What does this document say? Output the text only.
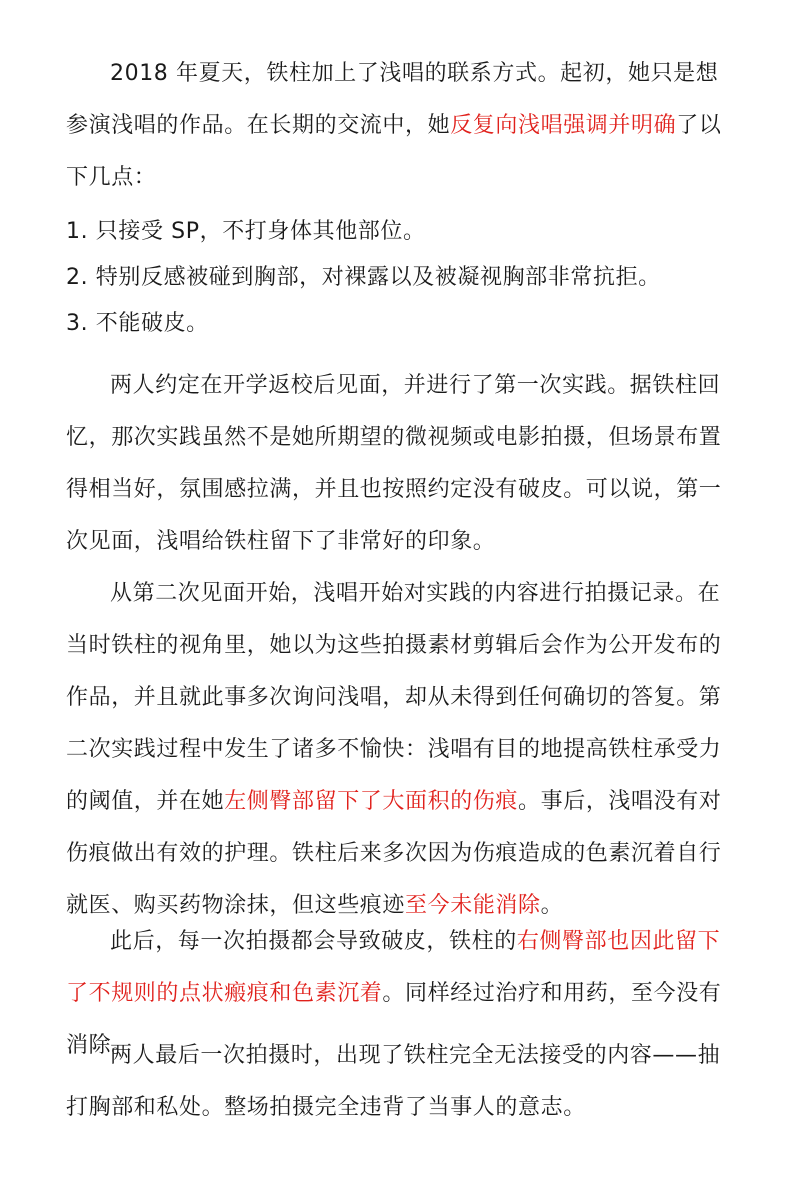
2018 年夏天，铁柱加上了浅唱的联系方式。起初，她只是想参演浅唱的作品。在长期的交流中，她反复向浅唱强调并明确了以下几点：

1. 只接受 SP，不打身体其他部位。

2. 特别反感被碰到胸部，对裸露以及被凝视胸部非常抗拒。

3. 不能破皮。

两人约定在开学返校后见面，并进行了第一次实践。据铁柱回忆，那次实践虽然不是她所期望的微视频或电影拍摄，但场景布置得相当好，氛围感拉满，并且也按照约定没有破皮。可以说，第一次见面，浅唱给铁柱留下了非常好的印象。

从第二次见面开始，浅唱开始对实践的内容进行拍摄记录。在当时铁柱的视角里，她以为这些拍摄素材剪辑后会作为公开发布的作品，并且就此事多次询问浅唱，却从未得到任何确切的答复。第二次实践过程中发生了诸多不愉快：浅唱有目的地提高铁柱承受力的阈值，并在她左侧臀部留下了大面积的伤痕。事后，浅唱没有对伤痕做出有效的护理。铁柱后来多次因为伤痕造成的色素沉着自行就医、购买药物涂抹，但这些痕迹至今未能消除。

此后，每一次拍摄都会导致破皮，铁柱的右侧臀部也因此留下了不规则的点状瘢痕和色素沉着。同样经过治疗和用药，至今没有消除。

两人最后一次拍摄时，出现了铁柱完全无法接受的内容——抽打胸部和私处。整场拍摄完全违背了当事人的意志。
